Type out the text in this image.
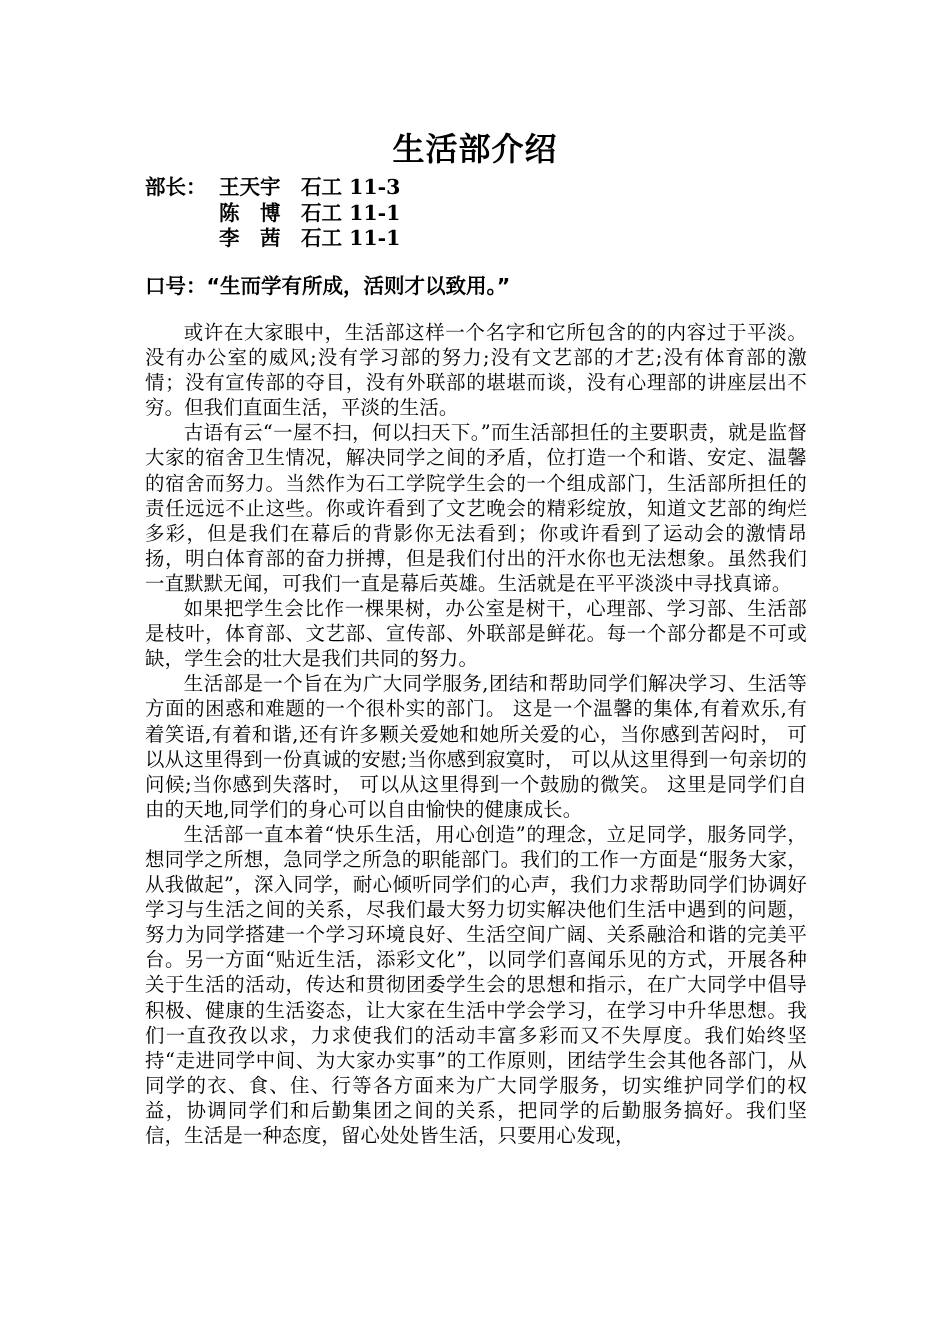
生活部介绍
部长： 王天宇	石工 11-3
陈　博	石工 11-1
李　茜	石工 11-1
口号：“生而学有所成，活则才以致用。”

或许在大家眼中，生活部这样一个名字和它所包含的的内容过于平淡。没有办公室的威风;没有学习部的努力;没有文艺部的才艺;没有体育部的激情；没有宣传部的夺目，没有外联部的堪堪而谈，没有心理部的讲座层出不穷。但我们直面生活，平淡的生活。

古语有云“一屋不扫，何以扫天下。”而生活部担任的主要职责，就是监督大家的宿舍卫生情况，解决同学之间的矛盾，位打造一个和谐、安定、温馨的宿舍而努力。当然作为石工学院学生会的一个组成部门，生活部所担任的责任远远不止这些。你或许看到了文艺晚会的精彩绽放，知道文艺部的绚烂多彩，但是我们在幕后的背影你无法看到；你或许看到了运动会的激情昂扬，明白体育部的奋力拼搏，但是我们付出的汗水你也无法想象。虽然我们一直默默无闻，可我们一直是幕后英雄。生活就是在平平淡淡中寻找真谛。

如果把学生会比作一棵果树，办公室是树干，心理部、学习部、生活部是枝叶，体育部、文艺部、宣传部、外联部是鲜花。每一个部分都是不可或缺，学生会的壮大是我们共同的努力。

生活部是一个旨在为广大同学服务,团结和帮助同学们解决学习、生活等方面的困惑和难题的一个很朴实的部门。 这是一个温馨的集体,有着欢乐,有着笑语,有着和谐,还有许多颗关爱她和她所关爱的心，当你感到苦闷时， 可以从这里得到一份真诚的安慰;当你感到寂寞时， 可以从这里得到一句亲切的问候;当你感到失落时， 可以从这里得到一个鼓励的微笑。 这里是同学们自由的天地,同学们的身心可以自由愉快的健康成长。

生活部一直本着“快乐生活，用心创造”的理念，立足同学，服务同学，想同学之所想，急同学之所急的职能部门。我们的工作一方面是“服务大家，从我做起”，深入同学，耐心倾听同学们的心声，我们力求帮助同学们协调好学习与生活之间的关系，尽我们最大努力切实解决他们生活中遇到的问题，努力为同学搭建一个学习环境良好、生活空间广阔、关系融洽和谐的完美平台。另一方面“贴近生活，添彩文化”，以同学们喜闻乐见的方式，开展各种关于生活的活动，传达和贯彻团委学生会的思想和指示，在广大同学中倡导积极、健康的生活姿态，让大家在生活中学会学习，在学习中升华思想。我们一直孜孜以求，力求使我们的活动丰富多彩而又不失厚度。我们始终坚持“走进同学中间、为大家办实事”的工作原则，团结学生会其他各部门，从同学的衣、食、住、行等各方面来为广大同学服务，切实维护同学们的权益，协调同学们和后勤集团之间的关系，把同学的后勤服务搞好。我们坚信，生活是一种态度，留心处处皆生活，只要用心发现，
